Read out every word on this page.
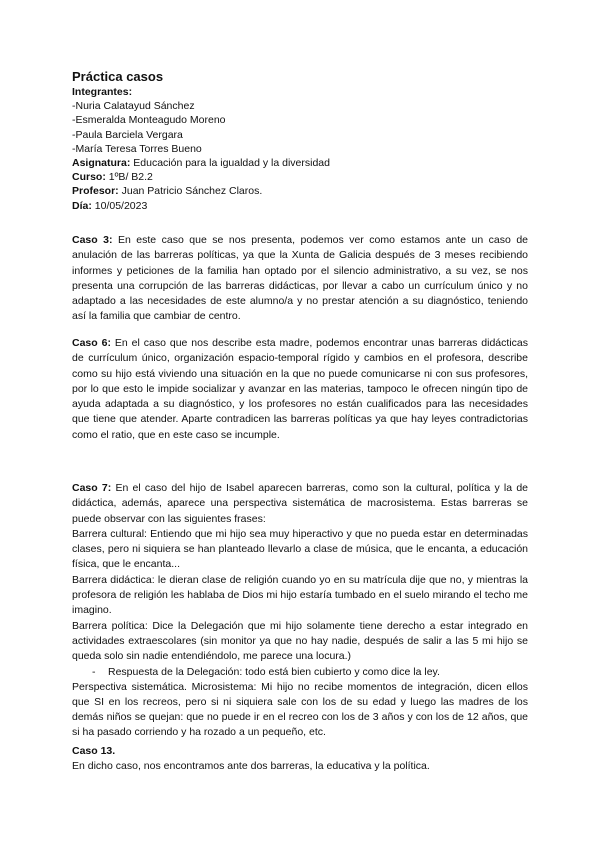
Práctica casos

Integrantes:

-Nuria Calatayud Sánchez

-Esmeralda Monteagudo Moreno

-Paula Barciela Vergara

-María Teresa Torres Bueno

Asignatura: Educación para la igualdad y la diversidad

Curso: 1ºB/ B2.2

Profesor: Juan Patricio Sánchez Claros.

Día: 10/05/2023

Caso 3: En este caso que se nos presenta, podemos ver como estamos ante un caso de anulación de las barreras políticas, ya que la Xunta de Galicia después de 3 meses recibiendo informes y peticiones de la familia han optado por el silencio administrativo, a su vez, se nos presenta una corrupción de las barreras didácticas, por llevar a cabo un currículum único y no adaptado a las necesidades de este alumno/a y no prestar atención a su diagnóstico, teniendo así la familia que cambiar de centro.

Caso 6: En el caso que nos describe esta madre, podemos encontrar unas barreras didácticas de currículum único, organización espacio-temporal rígido y cambios en el profesora, describe como su hijo está viviendo una situación en la que no puede comunicarse ni con sus profesores, por lo que esto le impide socializar y avanzar en las materias, tampoco le ofrecen ningún tipo de ayuda adaptada a su diagnóstico, y los profesores no están cualificados para las necesidades que tiene que atender. Aparte contradicen las barreras políticas ya que hay leyes contradictorias como el ratio, que en este caso se incumple.

Caso 7: En el caso del hijo de Isabel aparecen barreras, como son la cultural, política y la de didáctica, además, aparece una perspectiva sistemática de macrosistema. Estas barreras se puede observar con las siguientes frases:

Barrera cultural: Entiendo que mi hijo sea muy hiperactivo y que no pueda estar en determinadas clases, pero ni siquiera se han planteado llevarlo a clase de música, que le encanta, a educación física, que le encanta...

Barrera didáctica: le dieran clase de religión cuando yo en su matrícula dije que no, y mientras la profesora de religión les hablaba de Dios mi hijo estaría tumbado en el suelo mirando el techo me imagino.

Barrera política: Dice la Delegación que mi hijo solamente tiene derecho a estar integrado en actividades extraescolares (sin monitor ya que no hay nadie, después de salir a las 5 mi hijo se queda solo sin nadie entendiéndolo, me parece una locura.)

- Respuesta de la Delegación: todo está bien cubierto y como dice la ley.

Perspectiva sistemática. Microsistema: Mi hijo no recibe momentos de integración, dicen ellos que SI en los recreos, pero si ni siquiera sale con los de su edad y luego las madres de los demás niños se quejan: que no puede ir en el recreo con los de 3 años y con los de 12 años, que si ha pasado corriendo y ha rozado a un pequeño, etc.

Caso 13.

En dicho caso, nos encontramos ante dos barreras, la educativa y la política.
